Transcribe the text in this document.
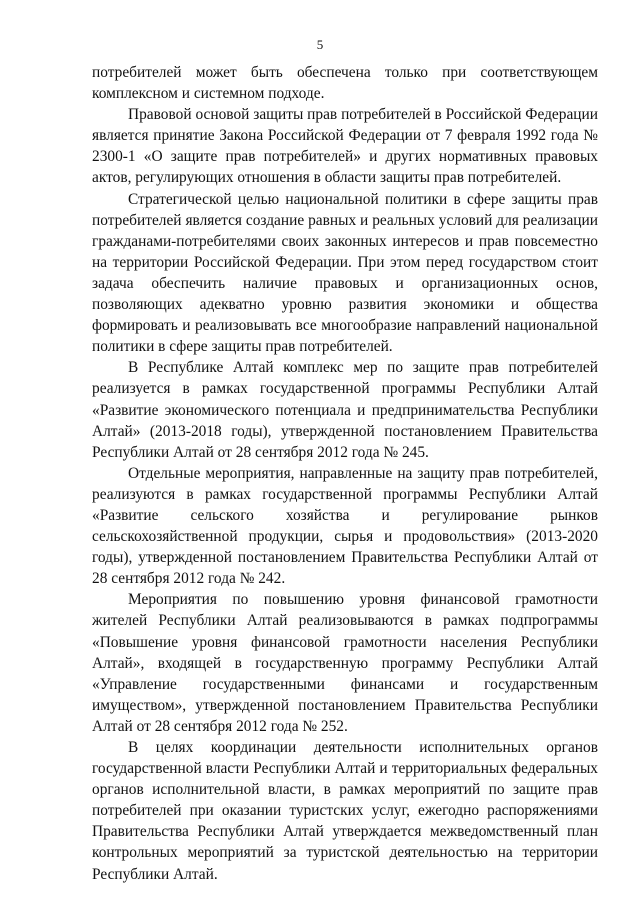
5

потребителей может быть обеспечена только при соответствующем комплексном и системном подходе.

Правовой основой защиты прав потребителей в Российской Федерации является принятие Закона Российской Федерации от 7 февраля 1992 года № 2300-1 «О защите прав потребителей» и других нормативных правовых актов, регулирующих отношения в области защиты прав потребителей.

Стратегической целью национальной политики в сфере защиты прав потребителей является создание равных и реальных условий для реализации гражданами-потребителями своих законных интересов и прав повсеместно на территории Российской Федерации. При этом перед государством стоит задача обеспечить наличие правовых и организационных основ, позволяющих адекватно уровню развития экономики и общества формировать и реализовывать все многообразие направлений национальной политики в сфере защиты прав потребителей.

В Республике Алтай комплекс мер по защите прав потребителей реализуется в рамках государственной программы Республики Алтай «Развитие экономического потенциала и предпринимательства Республики Алтай» (2013-2018 годы), утвержденной постановлением Правительства Республики Алтай от 28 сентября 2012 года № 245.

Отдельные мероприятия, направленные на защиту прав потребителей, реализуются в рамках государственной программы Республики Алтай «Развитие сельского хозяйства и регулирование рынков сельскохозяйственной продукции, сырья и продовольствия» (2013-2020 годы), утвержденной постановлением Правительства Республики Алтай от 28 сентября 2012 года № 242.

Мероприятия по повышению уровня финансовой грамотности жителей Республики Алтай реализовываются в рамках подпрограммы «Повышение уровня финансовой грамотности населения Республики Алтай», входящей в государственную программу Республики Алтай «Управление государственными финансами и государственным имуществом», утвержденной постановлением Правительства Республики Алтай от 28 сентября 2012 года № 252.

В целях координации деятельности исполнительных органов государственной власти Республики Алтай и территориальных федеральных органов исполнительной власти, в рамках мероприятий по защите прав потребителей при оказании туристских услуг, ежегодно распоряжениями Правительства Республики Алтай утверждается межведомственный план контрольных мероприятий за туристской деятельностью на территории Республики Алтай.
